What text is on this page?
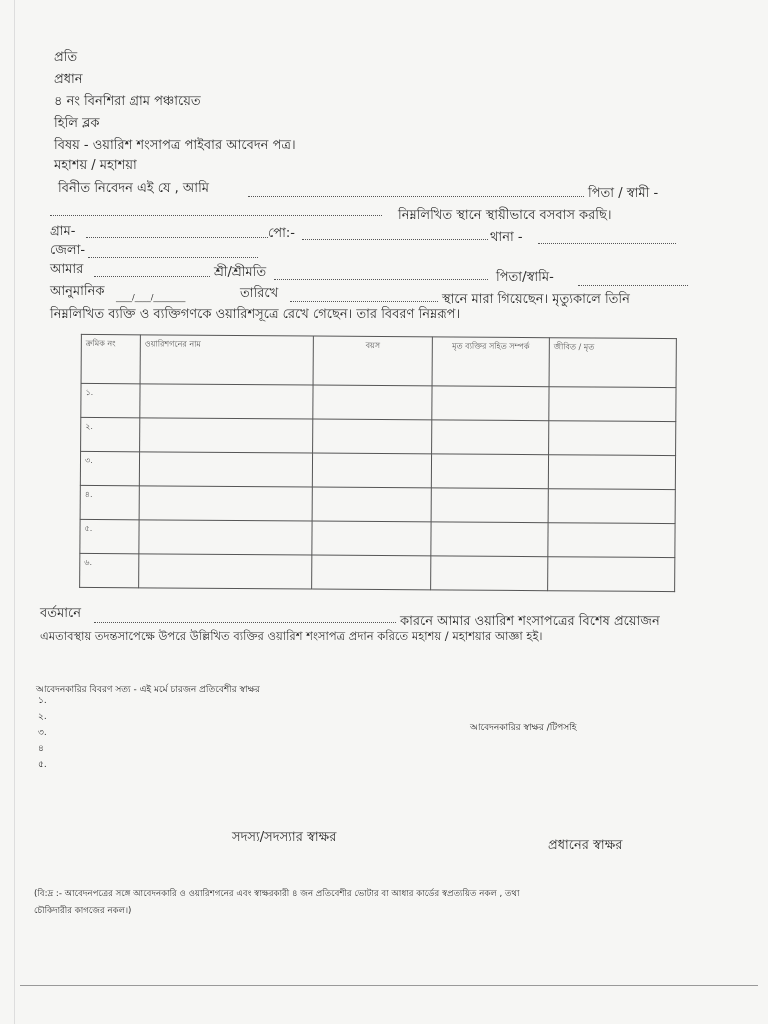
প্রতি
প্রধান
৪ নং বিনশিরা গ্রাম পঞ্চায়েত
হিলি ব্লক
বিষয় - ওয়ারিশ শংসাপত্র পাইবার আবেদন পত্র।
মহাশয় / মহাশয়া
বিনীত নিবেদন এই যে , আমি	পিতা / স্বামী -
নিম্নলিখিত স্থানে স্থায়ীভাবে বসবাস করছি।
গ্রাম-	পো:-	থানা -
জেলা-
আমার	শ্রী/শ্রীমতি	পিতা/স্বামি-
আনুমানিক ____/____/________	তারিখে	স্থানে মারা গিয়েছেন। মৃত্যুকালে তিনি
নিম্নলিখিত ব্যক্তি ও ব্যক্তিগণকে ওয়ারিশসূত্রে রেখে গেছেন। তার বিবরণ নিম্নরূপ।
ক্রমিক নং	ওয়ারিশগনের নাম	বয়স	মৃত ব্যক্তির সহিত সম্পর্ক	জীবিত / মৃত
১.				
২.				
৩.				
৪.				
৫.				
৬.				
বর্তমানে
কারনে আমার ওয়ারিশ শংসাপত্রের বিশেষ প্রয়োজন
এমতাবস্থায় তদন্তসাপেক্ষে উপরে উল্লিখিত ব্যক্তির ওয়ারিশ শংসাপত্র প্রদান করিতে মহাশয় / মহাশয়ার আজ্ঞা হই।
আবেদনকারির বিবরণ সত্য - এই মর্মে চারজন প্রতিবেশীর স্বাক্ষর
১.
২.
৩.
৪
৫.
আবেদনকারির স্বাক্ষর /টিপসহি
সদস্য/সদস্যার স্বাক্ষর
প্রধানের স্বাক্ষর
(বি:দ্র :- আবেদনপত্রের সঙ্গে আবেদনকারি ও ওয়ারিশগনের এবং স্বাক্ষরকারী ৪ জন প্রতিবেশীর ভোটার বা আধার কার্ডের স্বপ্রত্যয়িত নকল , তথা
চৌকিদারীর কাগজের নকল।)
